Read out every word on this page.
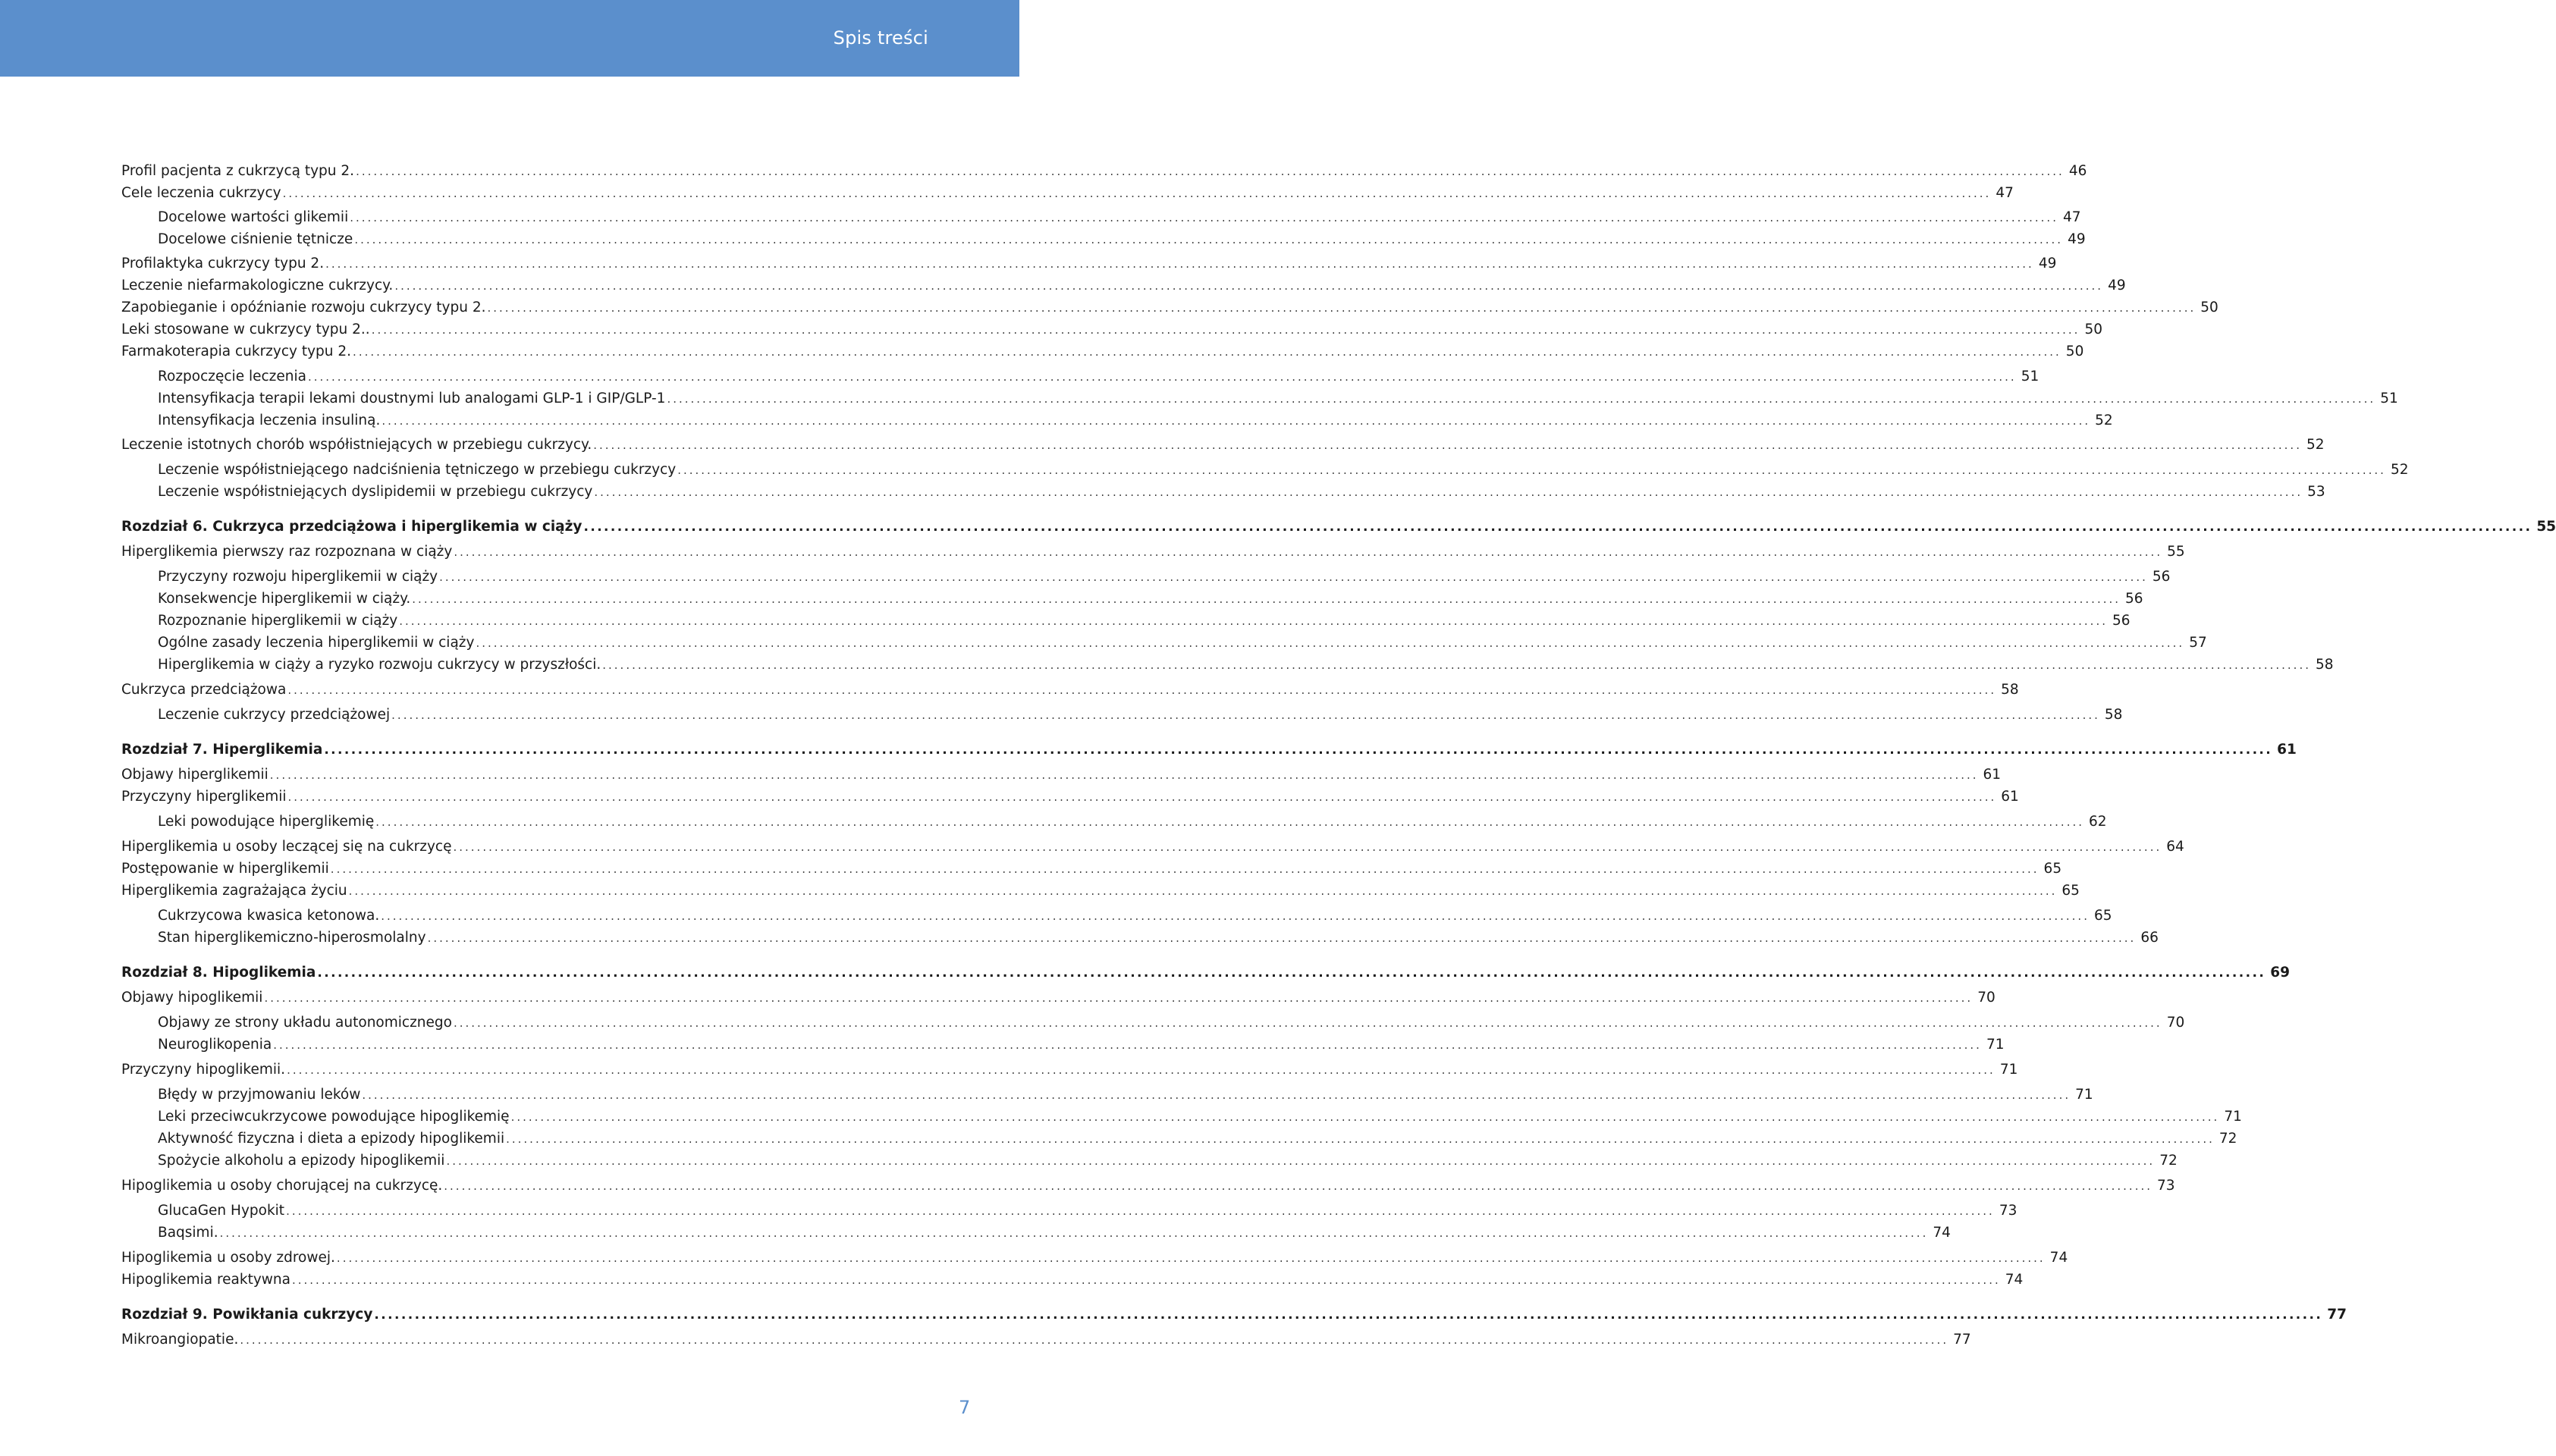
Spis treści
Profil pacjenta z cukrzycą typu 2. .....	46
Cele leczenia cukrzycy .....	47
Docelowe wartości glikemii .....	47
Docelowe ciśnienie tętnicze .....	49
Profilaktyka cukrzycy typu 2. .....	49
Leczenie niefarmakologiczne cukrzycy. .....	49
Zapobieganie i opóźnianie rozwoju cukrzycy typu 2. .....	50
Leki stosowane w cukrzycy typu 2.. .....	50
Farmakoterapia cukrzycy typu 2. .....	50
Rozpoczęcie leczenia .....	51
Intensyfikacja terapii lekami doustnymi lub analogami GLP-1 i GIP/GLP-1 .....	51
Intensyfikacja leczenia insuliną. .....	52
Leczenie istotnych chorób współistniejących w przebiegu cukrzycy. .....	52
Leczenie współistniejącego nadciśnienia tętniczego w przebiegu cukrzycy .....	52
Leczenie współistniejących dyslipidemii w przebiegu cukrzycy .....	53
Rozdział 6. Cukrzyca przedciążowa i hiperglikemia w ciąży .....	55
Hiperglikemia pierwszy raz rozpoznana w ciąży .....	55
Przyczyny rozwoju hiperglikemii w ciąży .....	56
Konsekwencje hiperglikemii w ciąży. .....	56
Rozpoznanie hiperglikemii w ciąży .....	56
Ogólne zasady leczenia hiperglikemii w ciąży .....	57
Hiperglikemia w ciąży a ryzyko rozwoju cukrzycy w przyszłości. .....	58
Cukrzyca przedciążowa .....	58
Leczenie cukrzycy przedciążowej .....	58
Rozdział 7. Hiperglikemia .....	61
Objawy hiperglikemii .....	61
Przyczyny hiperglikemii .....	61
Leki powodujące hiperglikemię .....	62
Hiperglikemia u osoby leczącej się na cukrzycę .....	64
Postępowanie w hiperglikemii .....	65
Hiperglikemia zagrażająca życiu .....	65
Cukrzycowa kwasica ketonowa. .....	65
Stan hiperglikemiczno-hiperosmolalny .....	66
Rozdział 8. Hipoglikemia .....	69
Objawy hipoglikemii .....	70
Objawy ze strony układu autonomicznego .....	70
Neuroglikopenia .....	71
Przyczyny hipoglikemii. .....	71
Błędy w przyjmowaniu leków .....	71
Leki przeciwcukrzycowe powodujące hipoglikemię .....	71
Aktywność fizyczna i dieta a epizody hipoglikemii .....	72
Spożycie alkoholu a epizody hipoglikemii .....	72
Hipoglikemia u osoby chorującej na cukrzycę. .....	73
GlucaGen Hypokit .....	73
Baqsimi. .....	74
Hipoglikemia u osoby zdrowej. .....	74
Hipoglikemia reaktywna .....	74
Rozdział 9. Powikłania cukrzycy .....	77
Mikroangiopatie. .....	77
7
